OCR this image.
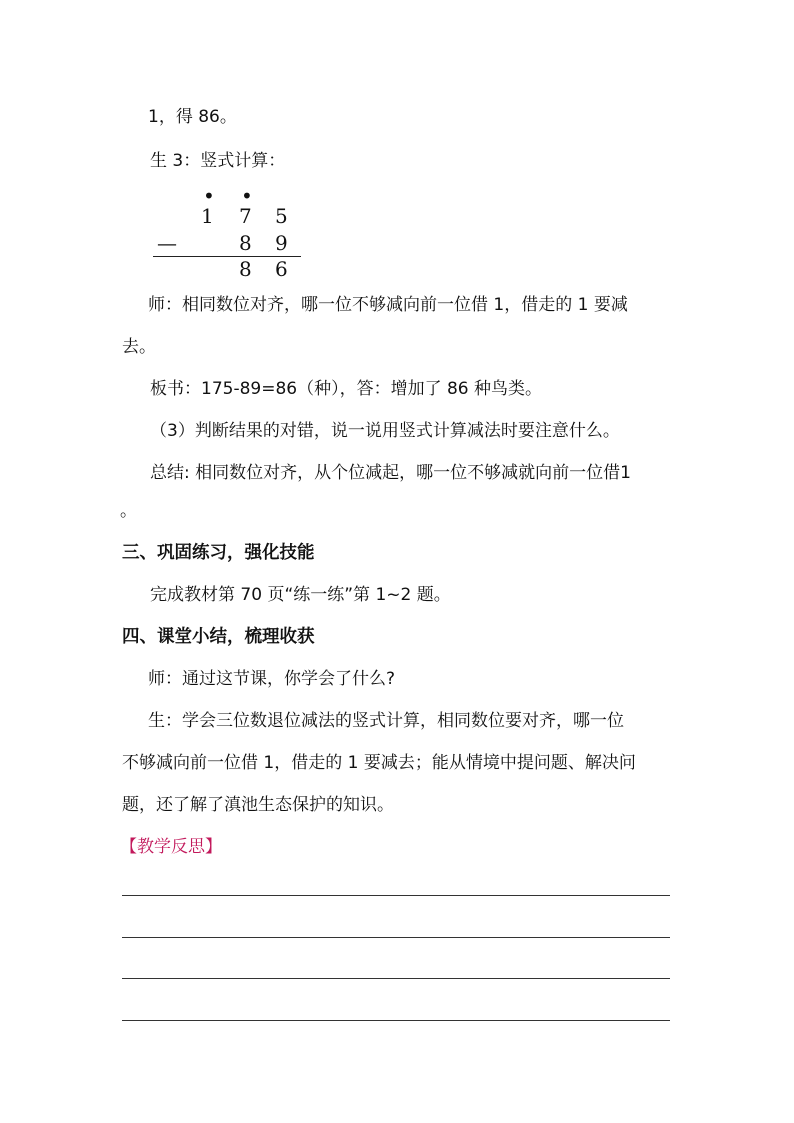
1，得 86。
生 3：竖式计算：
• •
1 7 5
—	8 9
8 6
师：相同数位对齐，哪一位不够减向前一位借 1，借走的 1 要减
去。
板书：175-89=86（种），答：增加了 86 种鸟类。
（3）判断结果的对错，说一说用竖式计算减法时要注意什么。
总结: 相同数位对齐，从个位减起，哪一位不够减就向前一位借1
。
三、巩固练习，强化技能
完成教材第 70 页“练一练”第 1~2 题。
四、课堂小结，梳理收获
师：通过这节课，你学会了什么?
生：学会三位数退位减法的竖式计算，相同数位要对齐，哪一位
不够减向前一位借 1，借走的 1 要减去；能从情境中提问题、解决问
题，还了解了滇池生态保护的知识。
【教学反思】
